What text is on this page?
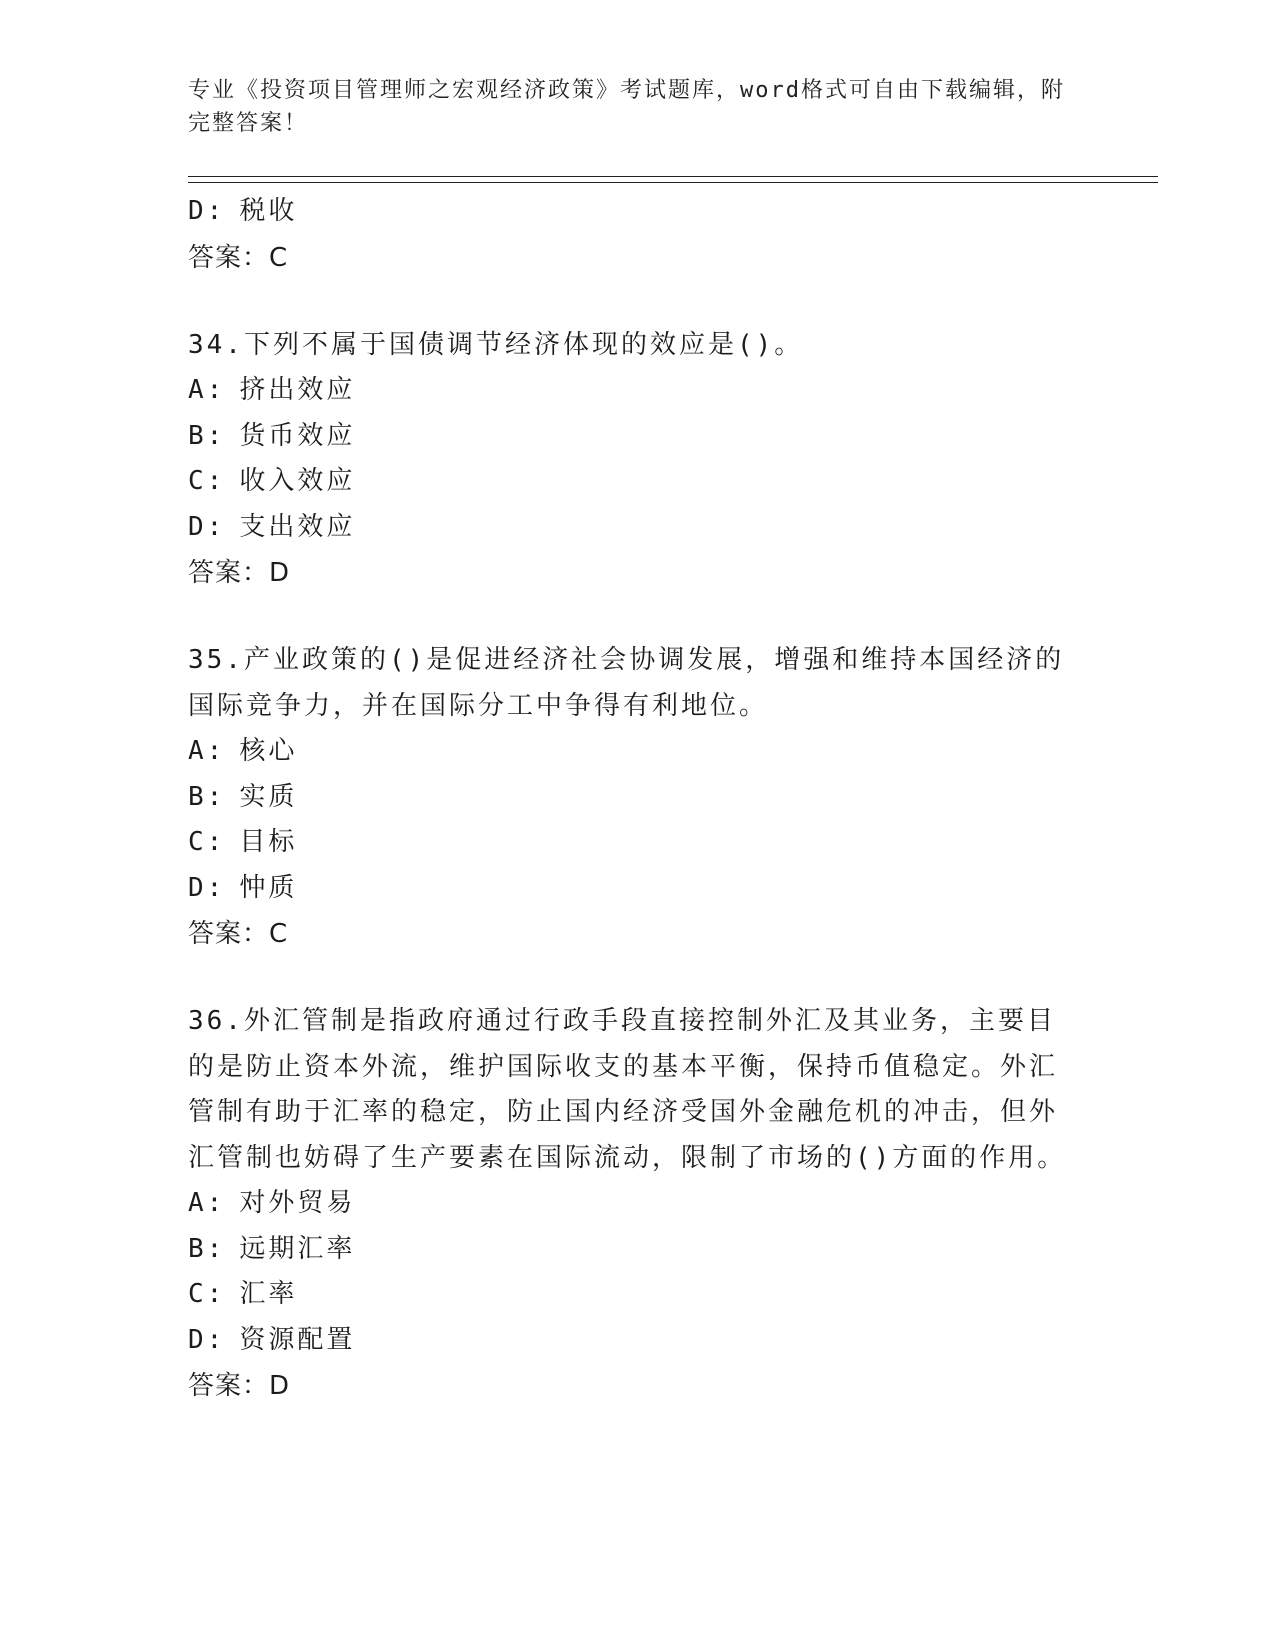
专业《投资项目管理师之宏观经济政策》考试题库，word格式可自由下载编辑，附完整答案！
D: 税收
答案：C
34.下列不属于国债调节经济体现的效应是()。
A: 挤出效应
B: 货币效应
C: 收入效应
D: 支出效应
答案：D
35.产业政策的()是促进经济社会协调发展，增强和维持本国经济的国际竞争力，并在国际分工中争得有利地位。
A: 核心
B: 实质
C: 目标
D: 忡质
答案：C
36.外汇管制是指政府通过行政手段直接控制外汇及其业务，主要目的是防止资本外流，维护国际收支的基本平衡，保持币值稳定。外汇管制有助于汇率的稳定，防止国内经济受国外金融危机的冲击，但外汇管制也妨碍了生产要素在国际流动，限制了市场的()方面的作用。
A: 对外贸易
B: 远期汇率
C: 汇率
D: 资源配置
答案：D
